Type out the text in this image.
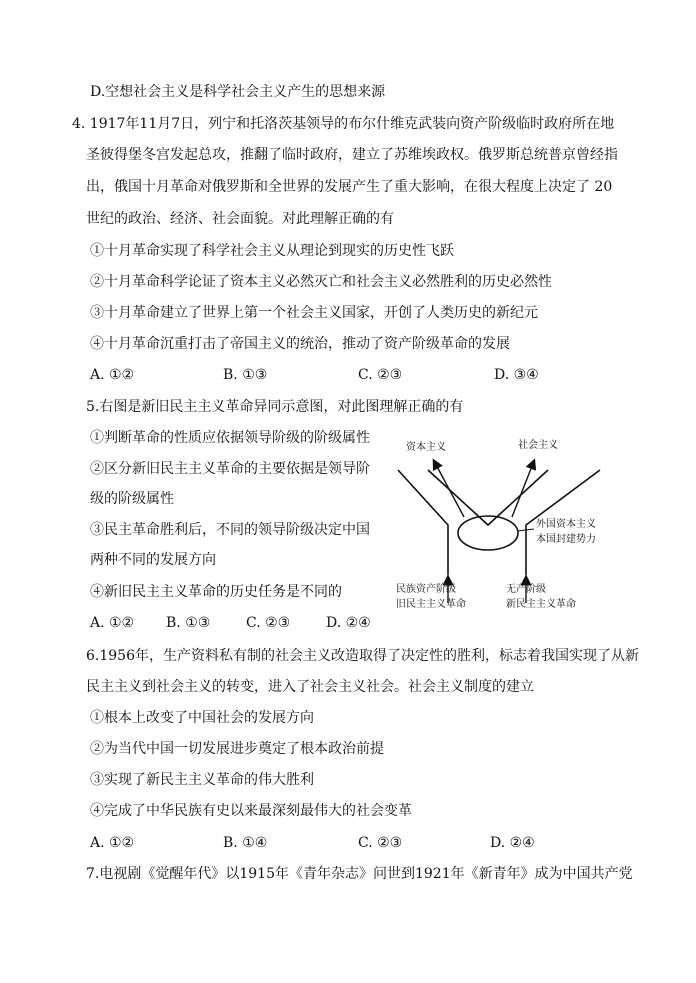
D.空想社会主义是科学社会主义产生的思想来源
4. 1917年11月7日，列宁和托洛茨基领导的布尔什维克武装向资产阶级临时政府所在地
圣彼得堡冬宫发起总攻，推翻了临时政府，建立了苏维埃政权。俄罗斯总统普京曾经指
出，俄国十月革命对俄罗斯和全世界的发展产生了重大影响，在很大程度上决定了 20
世纪的政治、经济、社会面貌。对此理解正确的有
①十月革命实现了科学社会主义从理论到现实的历史性飞跃
②十月革命科学论证了资本主义必然灭亡和社会主义必然胜利的历史必然性
③十月革命建立了世界上第一个社会主义国家，开创了人类历史的新纪元
④十月革命沉重打击了帝国主义的统治，推动了资产阶级革命的发展
A. ①②	B. ①③	C. ②③	D. ③④
5.右图是新旧民主主义革命异同示意图，对此图理解正确的有
①判断革命的性质应依据领导阶级的阶级属性
②区分新旧民主主义革命的主要依据是领导阶
级的阶级属性
③民主革命胜利后，不同的领导阶级决定中国
两种不同的发展方向
④新旧民主主义革命的历史任务是不同的
A. ①② B. ①③	C. ②③	D. ②④
资本主义	社会主义
外国资本主义
本国封建势力
民族资产阶级
旧民主主义革命
无产阶级
新民主主义革命
6.1956年，生产资料私有制的社会主义改造取得了决定性的胜利，标志着我国实现了从新
民主主义到社会主义的转变，进入了社会主义社会。社会主义制度的建立
①根本上改变了中国社会的发展方向
②为当代中国一切发展进步奠定了根本政治前提
③实现了新民主主义革命的伟大胜利
④完成了中华民族有史以来最深刻最伟大的社会变革
A. ①②	B. ①④	C. ②③	D. ②④
7.电视剧《觉醒年代》以1915年《青年杂志》问世到1921年《新青年》成为中国共产党
